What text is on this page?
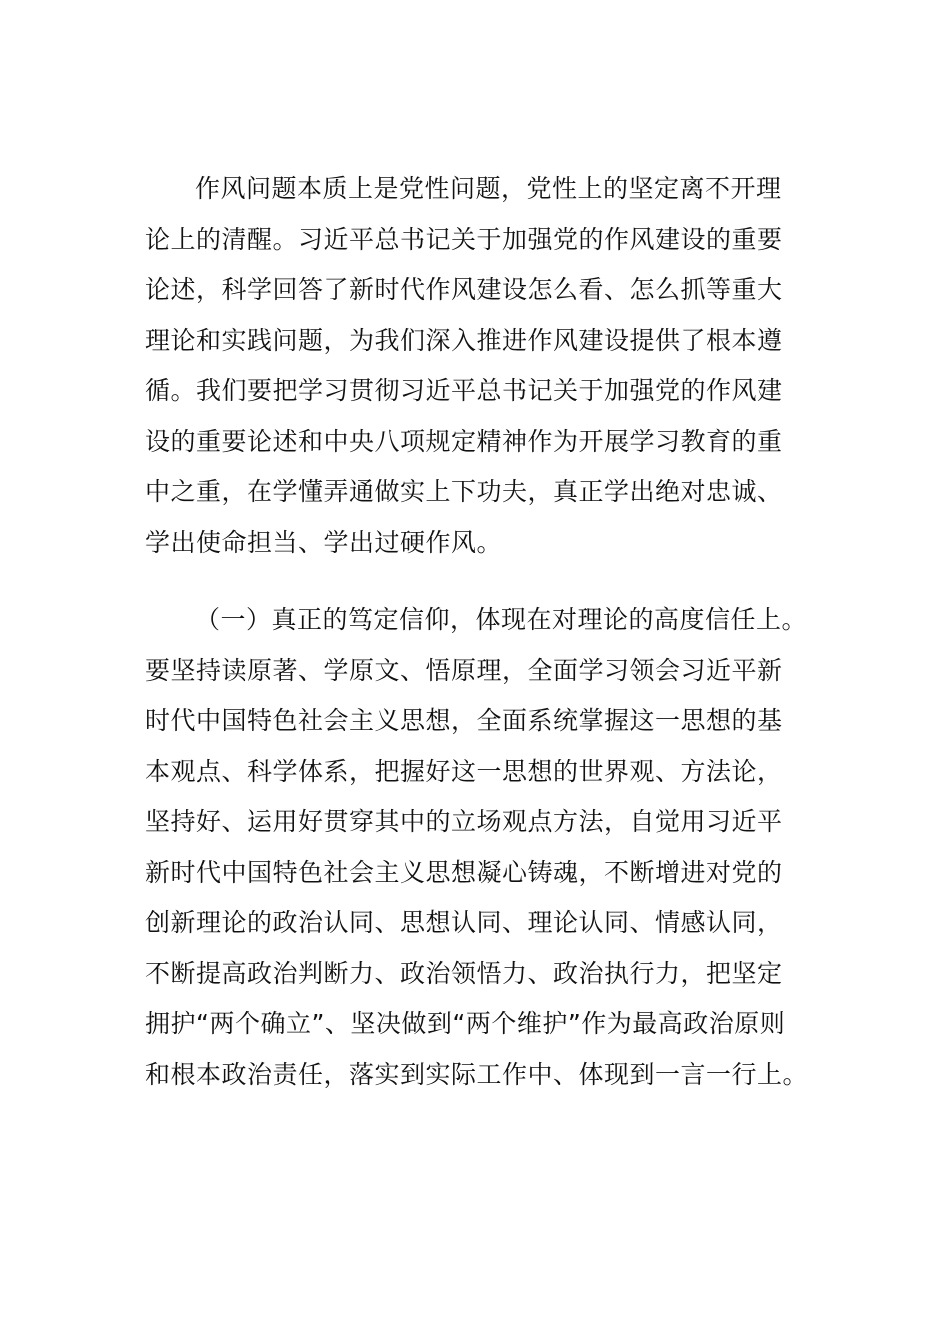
作风问题本质上是党性问题，党性上的坚定离不开理
论上的清醒。习近平总书记关于加强党的作风建设的重要
论述，科学回答了新时代作风建设怎么看、怎么抓等重大
理论和实践问题，为我们深入推进作风建设提供了根本遵
循。我们要把学习贯彻习近平总书记关于加强党的作风建
设的重要论述和中央八项规定精神作为开展学习教育的重
中之重，在学懂弄通做实上下功夫，真正学出绝对忠诚、
学出使命担当、学出过硬作风。
（一）真正的笃定信仰，体现在对理论的高度信任上。
要坚持读原著、学原文、悟原理，全面学习领会习近平新
时代中国特色社会主义思想，全面系统掌握这一思想的基
本观点、科学体系，把握好这一思想的世界观、方法论，
坚持好、运用好贯穿其中的立场观点方法，自觉用习近平
新时代中国特色社会主义思想凝心铸魂，不断增进对党的
创新理论的政治认同、思想认同、理论认同、情感认同，
不断提高政治判断力、政治领悟力、政治执行力，把坚定
拥护“两个确立”、坚决做到“两个维护”作为最高政治原则
和根本政治责任，落实到实际工作中、体现到一言一行上。
